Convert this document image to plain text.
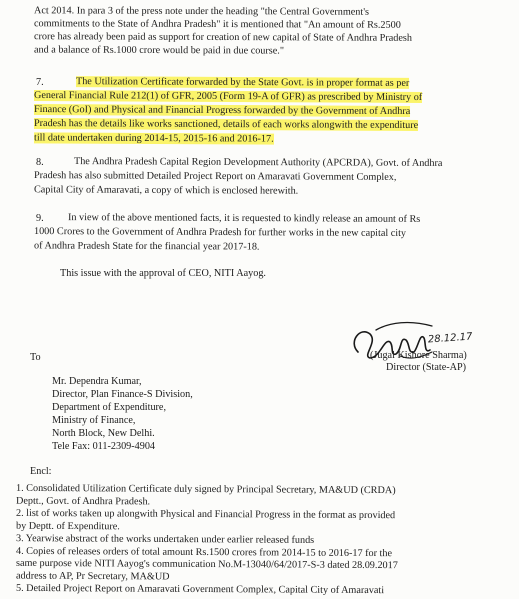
Act 2014. In para 3 of the press note under the heading "the Central Government's
commitments to the State of Andhra Pradesh" it is mentioned that "An amount of Rs.2500
crore has already been paid as support for creation of new capital of State of Andhra Pradesh
and a balance of Rs.1000 crore would be paid in due course."
7.	The Utilization Certificate forwarded by the State Govt. is in proper format as per
General Financial Rule 212(1) of GFR, 2005 (Form 19-A of GFR) as prescribed by Ministry of
Finance (GoI) and Physical and Financial Progress forwarded by the Government of Andhra
Pradesh has the details like works sanctioned, details of each works alongwith the expenditure
till date undertaken during 2014-15, 2015-16 and 2016-17.
8.	The Andhra Pradesh Capital Region Development Authority (APCRDA), Govt. of Andhra
Pradesh has also submitted Detailed Project Report on Amaravati Government Complex,
Capital City of Amaravati, a copy of which is enclosed herewith.
9. In view of the above mentioned facts, it is requested to kindly release an amount of Rs
1000 Crores to the Government of Andhra Pradesh for further works in the new capital city
of Andhra Pradesh State for the financial year 2017-18.
This issue with the approval of CEO, NITI Aayog.
28.12.17
(Jugal Kishore Sharma)
Director (State-AP)
To
Mr. Dependra Kumar,
Director, Plan Finance-S Division,
Department of Expenditure,
Ministry of Finance,
North Block, New Delhi.
Tele Fax: 011-2309-4904
Encl:
1. Consolidated Utilization Certificate duly signed by Principal Secretary, MA&UD (CRDA)
Deptt., Govt. of Andhra Pradesh.
2. list of works taken up alongwith Physical and Financial Progress in the format as provided
by Deptt. of Expenditure.
3. Yearwise abstract of the works undertaken under earlier released funds
4. Copies of releases orders of total amount Rs.1500 crores from 2014-15 to 2016-17 for the
same purpose vide NITI Aayog's communication No.M-13040/64/2017-S-3 dated 28.09.2017
address to AP, Pr Secretary, MA&UD
5. Detailed Project Report on Amaravati Government Complex, Capital City of Amaravati
